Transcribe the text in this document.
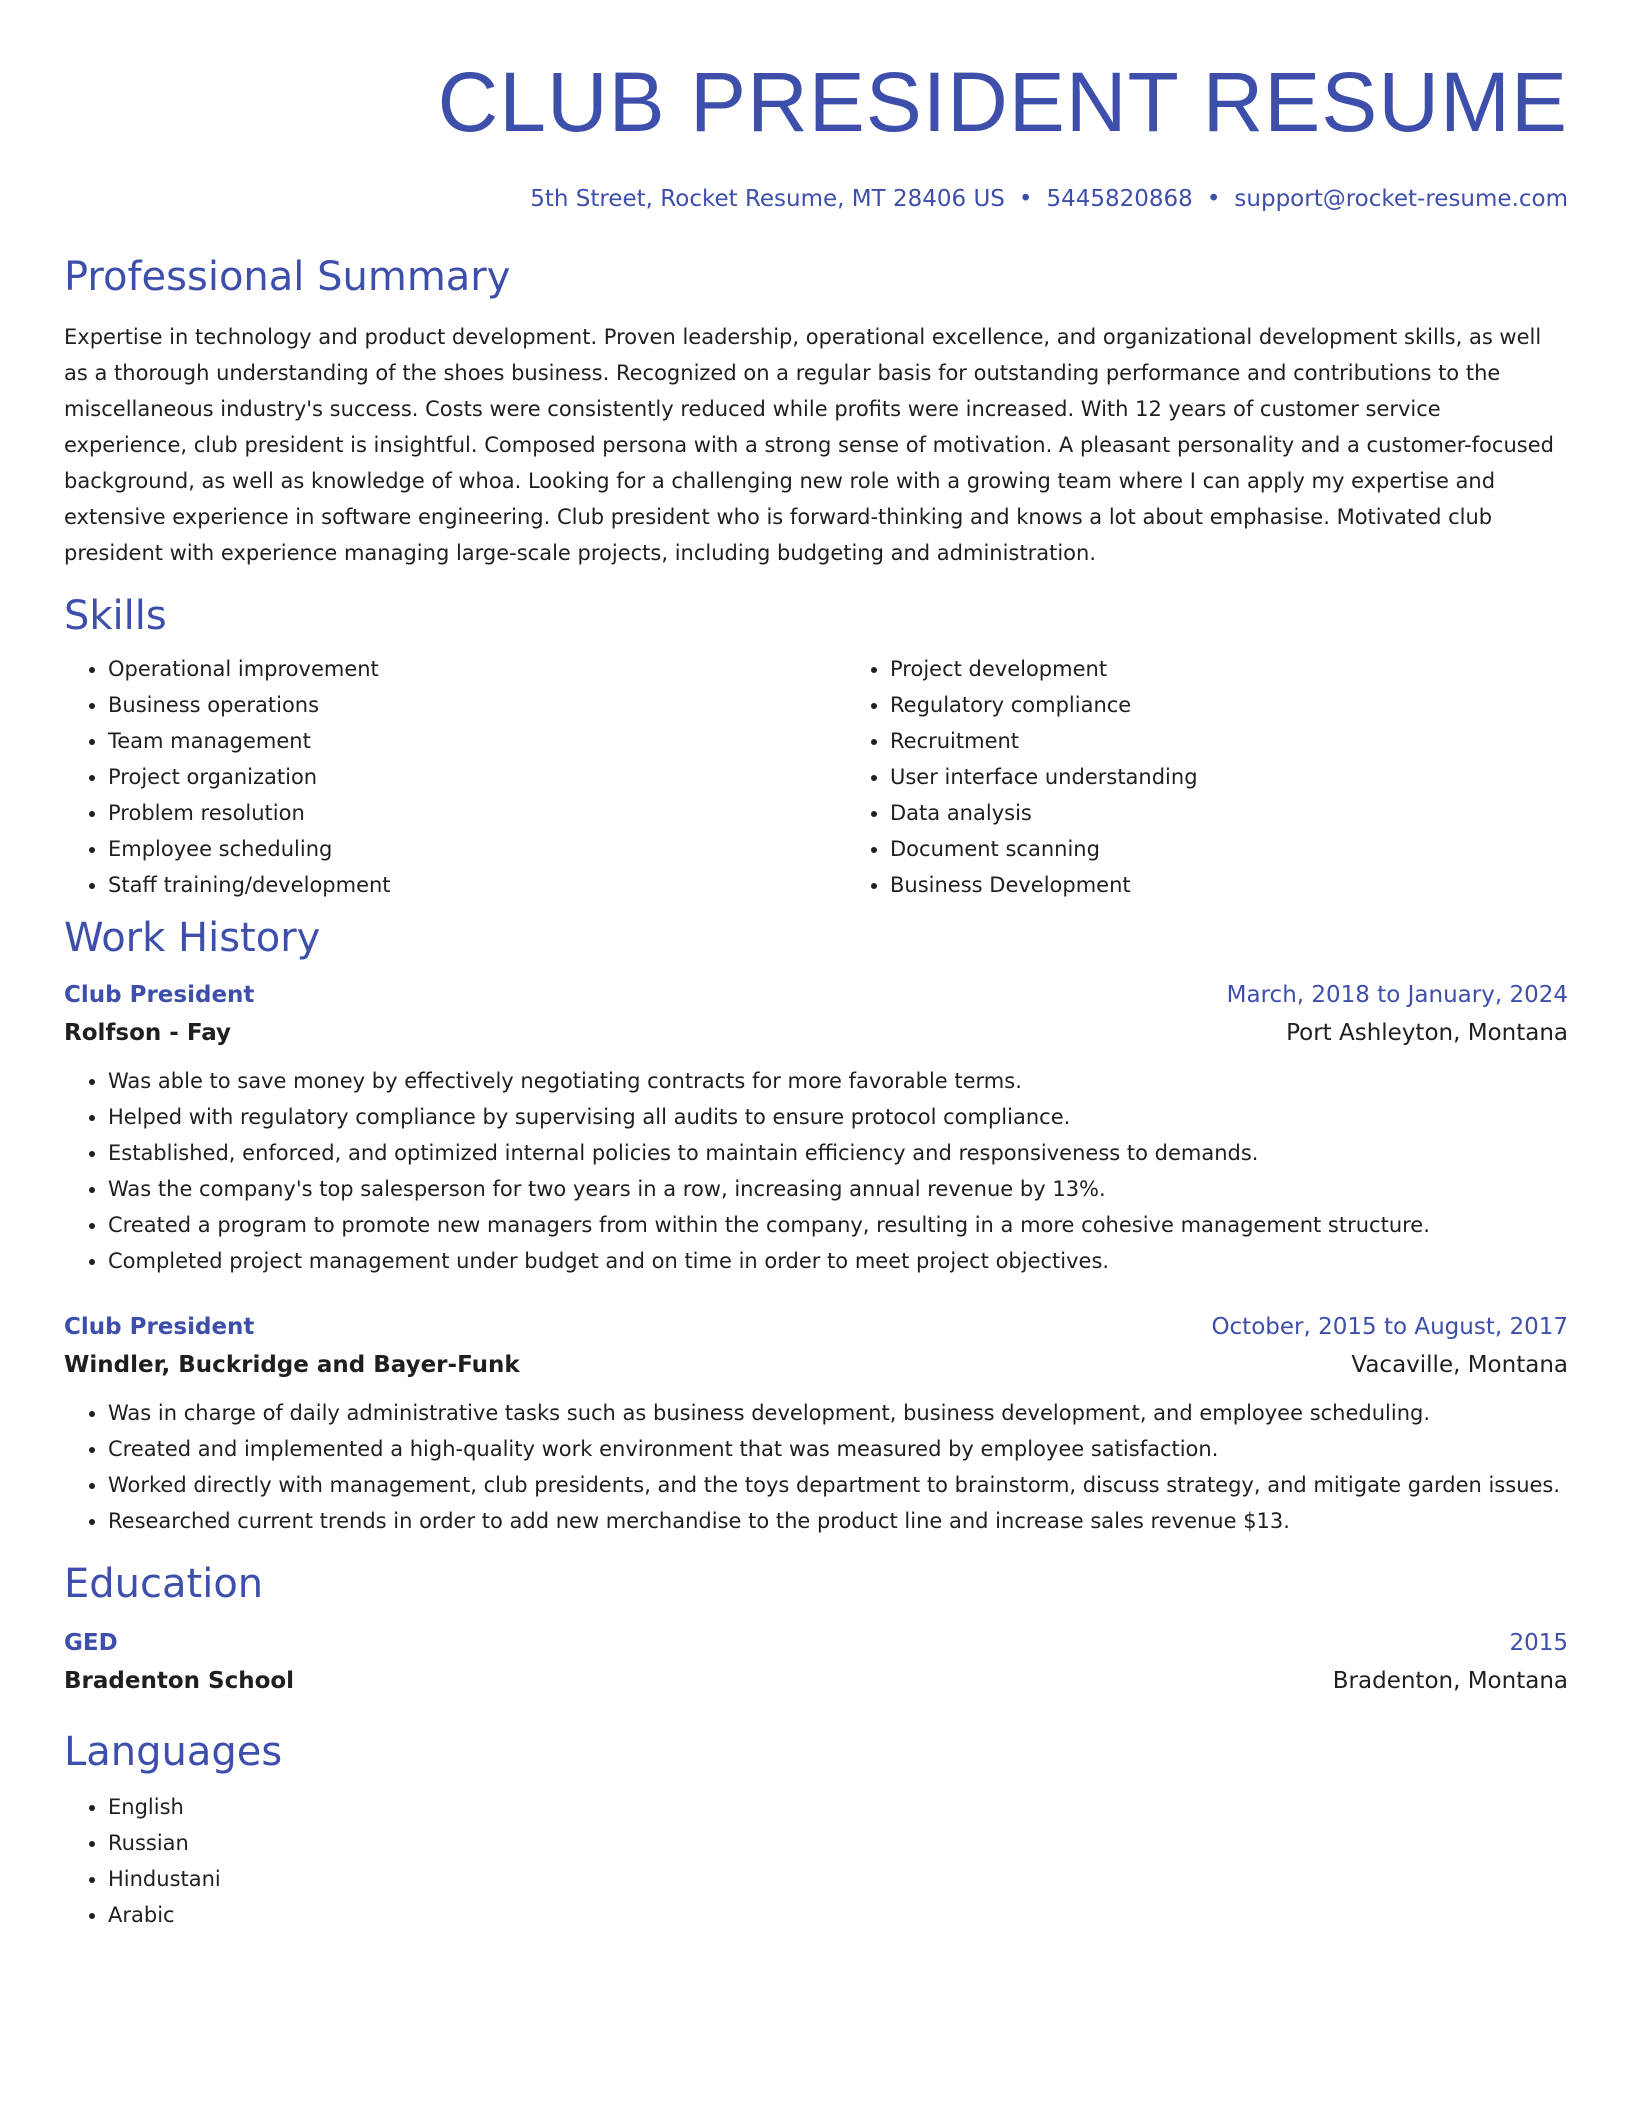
CLUB PRESIDENT RESUME
5th Street, Rocket Resume, MT 28406 US • 5445820868 • support@rocket-resume.com
Professional Summary
Expertise in technology and product development. Proven leadership, operational excellence, and organizational development skills, as well as a thorough understanding of the shoes business. Recognized on a regular basis for outstanding performance and contributions to the miscellaneous industry's success. Costs were consistently reduced while profits were increased. With 12 years of customer service experience, club president is insightful. Composed persona with a strong sense of motivation. A pleasant personality and a customer-focused background, as well as knowledge of whoa. Looking for a challenging new role with a growing team where I can apply my expertise and extensive experience in software engineering. Club president who is forward-thinking and knows a lot about emphasise. Motivated club president with experience managing large-scale projects, including budgeting and administration.
Skills
• Operational improvement
• Business operations
• Team management
• Project organization
• Problem resolution
• Employee scheduling
• Staff training/development
• Project development
• Regulatory compliance
• Recruitment
• User interface understanding
• Data analysis
• Document scanning
• Business Development
Work History
Club President	March, 2018 to January, 2024
Rolfson - Fay	Port Ashleyton, Montana
• Was able to save money by effectively negotiating contracts for more favorable terms.
• Helped with regulatory compliance by supervising all audits to ensure protocol compliance.
• Established, enforced, and optimized internal policies to maintain efficiency and responsiveness to demands.
• Was the company's top salesperson for two years in a row, increasing annual revenue by 13%.
• Created a program to promote new managers from within the company, resulting in a more cohesive management structure.
• Completed project management under budget and on time in order to meet project objectives.
Club President	October, 2015 to August, 2017
Windler, Buckridge and Bayer-Funk	Vacaville, Montana
• Was in charge of daily administrative tasks such as business development, business development, and employee scheduling.
• Created and implemented a high-quality work environment that was measured by employee satisfaction.
• Worked directly with management, club presidents, and the toys department to brainstorm, discuss strategy, and mitigate garden issues.
• Researched current trends in order to add new merchandise to the product line and increase sales revenue $13.
Education
GED	2015
Bradenton School	Bradenton, Montana
Languages
• English
• Russian
• Hindustani
• Arabic
